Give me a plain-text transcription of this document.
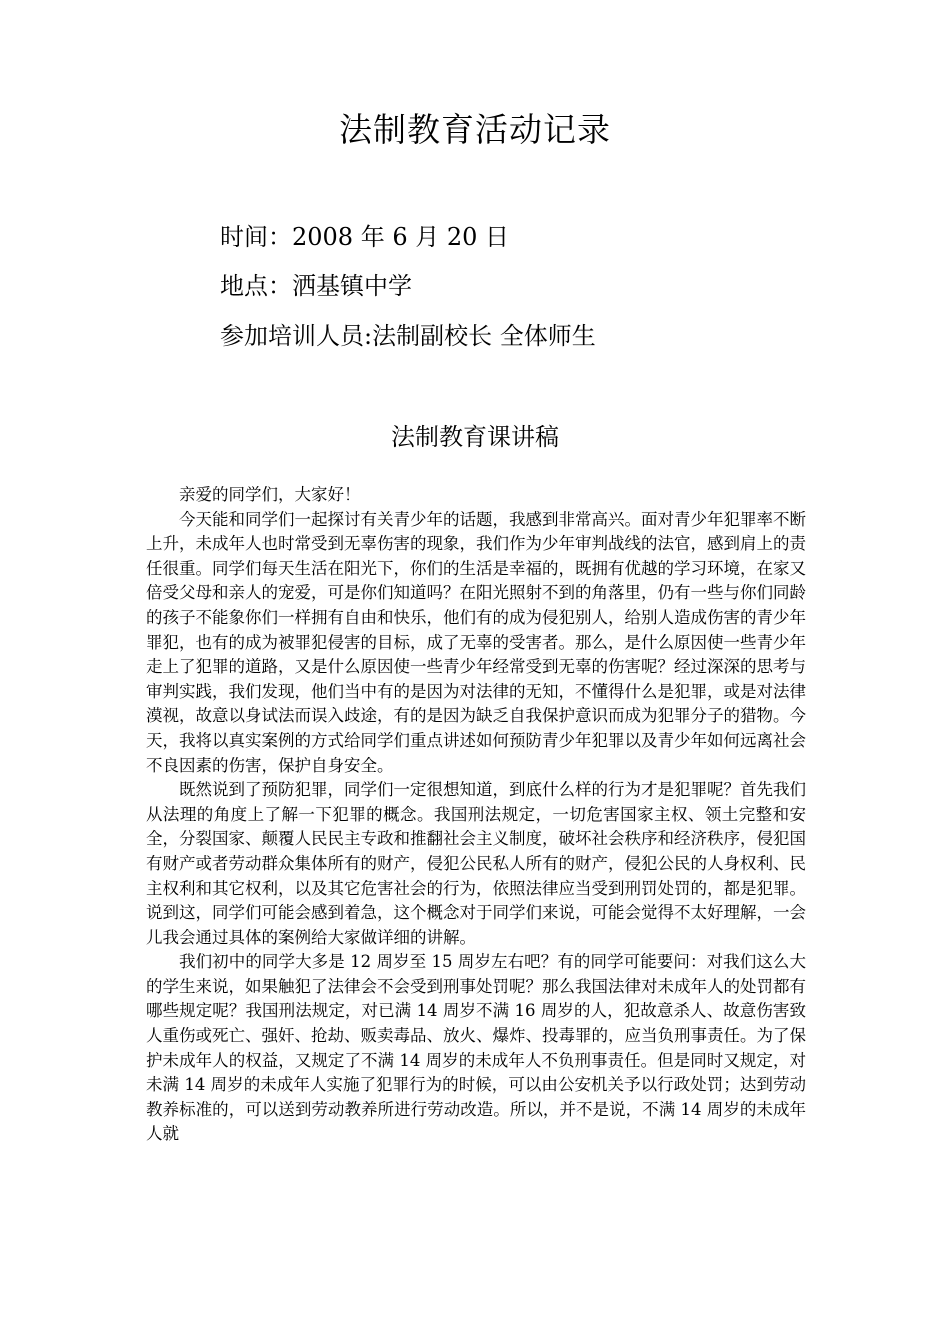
法制教育活动记录
时间：2008 年 6 月 20 日
地点：洒基镇中学
参加培训人员:法制副校长 全体师生
法制教育课讲稿

亲爱的同学们，大家好！

今天能和同学们一起探讨有关青少年的话题，我感到非常高兴。面对青少年犯罪率不断上升，未成年人也时常受到无辜伤害的现象，我们作为少年审判战线的法官，感到肩上的责任很重。同学们每天生活在阳光下，你们的生活是幸福的，既拥有优越的学习环境，在家又倍受父母和亲人的宠爱，可是你们知道吗？在阳光照射不到的角落里，仍有一些与你们同龄的孩子不能象你们一样拥有自由和快乐，他们有的成为侵犯别人，给别人造成伤害的青少年罪犯，也有的成为被罪犯侵害的目标，成了无辜的受害者。那么，是什么原因使一些青少年走上了犯罪的道路，又是什么原因使一些青少年经常受到无辜的伤害呢？经过深深的思考与审判实践，我们发现，他们当中有的是因为对法律的无知，不懂得什么是犯罪，或是对法律漠视，故意以身试法而误入歧途，有的是因为缺乏自我保护意识而成为犯罪分子的猎物。今天，我将以真实案例的方式给同学们重点讲述如何预防青少年犯罪以及青少年如何远离社会不良因素的伤害，保护自身安全。

既然说到了预防犯罪，同学们一定很想知道，到底什么样的行为才是犯罪呢？首先我们从法理的角度上了解一下犯罪的概念。我国刑法规定，一切危害国家主权、领土完整和安全，分裂国家、颠覆人民民主专政和推翻社会主义制度，破坏社会秩序和经济秩序，侵犯国有财产或者劳动群众集体所有的财产，侵犯公民私人所有的财产，侵犯公民的人身权利、民主权利和其它权利，以及其它危害社会的行为，依照法律应当受到刑罚处罚的，都是犯罪。说到这，同学们可能会感到着急，这个概念对于同学们来说，可能会觉得不太好理解，一会儿我会通过具体的案例给大家做详细的讲解。

我们初中的同学大多是 12 周岁至 15 周岁左右吧？有的同学可能要问：对我们这么大的学生来说，如果触犯了法律会不会受到刑事处罚呢？那么我国法律对未成年人的处罚都有哪些规定呢？我国刑法规定，对已满 14 周岁不满 16 周岁的人，犯故意杀人、故意伤害致人重伤或死亡、强奸、抢劫、贩卖毒品、放火、爆炸、投毒罪的，应当负刑事责任。为了保护未成年人的权益，又规定了不满 14 周岁的未成年人不负刑事责任。但是同时又规定，对未满 14 周岁的未成年人实施了犯罪行为的时候，可以由公安机关予以行政处罚；达到劳动教养标准的，可以送到劳动教养所进行劳动改造。所以，并不是说，不满 14 周岁的未成年人就
